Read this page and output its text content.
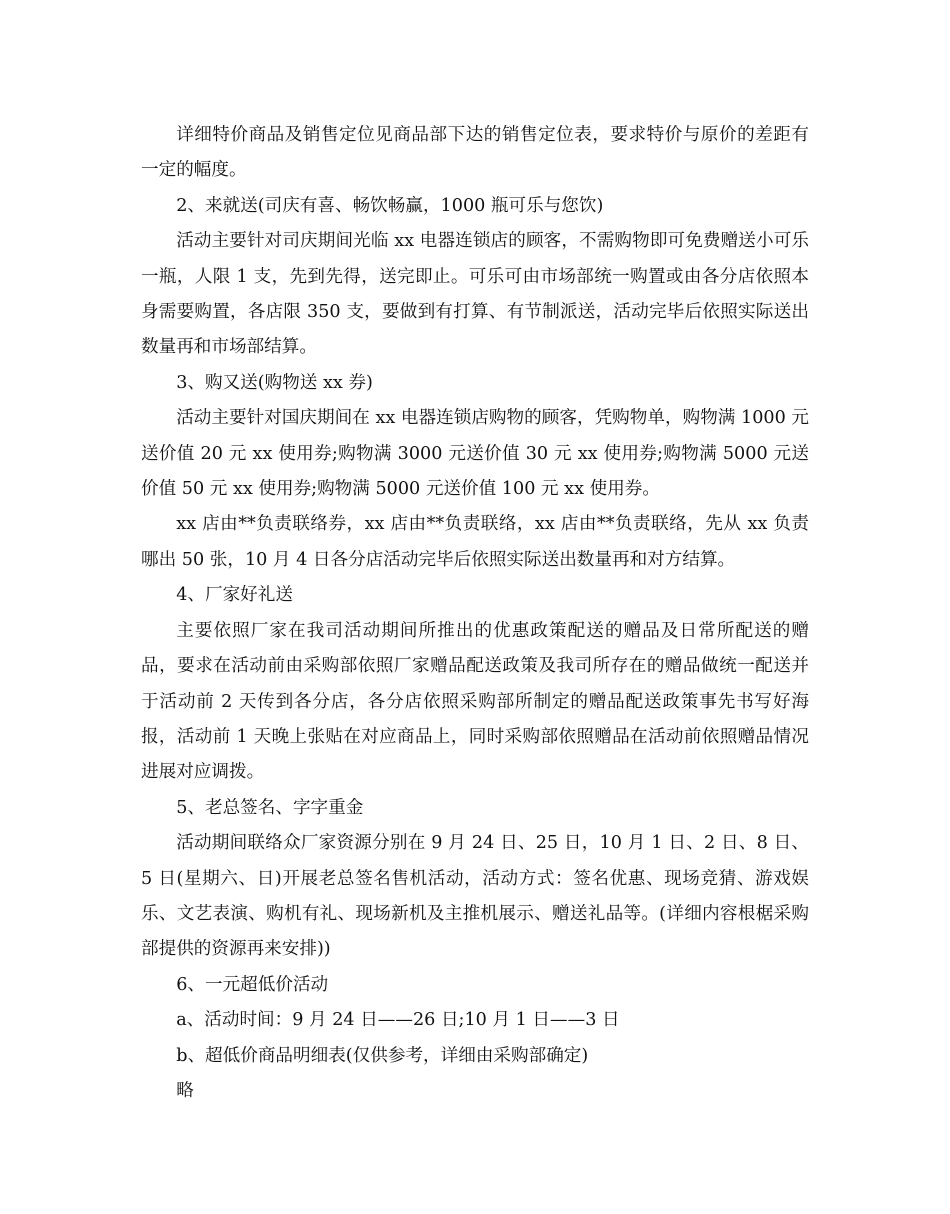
详细特价商品及销售定位见商品部下达的销售定位表，要求特价与原价的差距有一定的幅度。

2、来就送(司庆有喜、畅饮畅赢，1000 瓶可乐与您饮)

活动主要针对司庆期间光临 xx 电器连锁店的顾客，不需购物即可免费赠送小可乐一瓶，人限 1 支，先到先得，送完即止。可乐可由市场部统一购置或由各分店依照本身需要购置，各店限 350 支，要做到有打算、有节制派送，活动完毕后依照实际送出数量再和市场部结算。

3、购又送(购物送 xx 券)

活动主要针对国庆期间在 xx 电器连锁店购物的顾客，凭购物单，购物满 1000 元送价值 20 元 xx 使用券;购物满 3000 元送价值 30 元 xx 使用券;购物满 5000 元送价值 50 元 xx 使用券;购物满 5000 元送价值 100 元 xx 使用券。

xx 店由**负责联络券，xx 店由**负责联络，xx 店由**负责联络，先从 xx 负责哪出 50 张，10 月 4 日各分店活动完毕后依照实际送出数量再和对方结算。

4、厂家好礼送

主要依照厂家在我司活动期间所推出的优惠政策配送的赠品及日常所配送的赠品，要求在活动前由采购部依照厂家赠品配送政策及我司所存在的赠品做统一配送并于活动前 2 天传到各分店，各分店依照采购部所制定的赠品配送政策事先书写好海报，活动前 1 天晚上张贴在对应商品上，同时采购部依照赠品在活动前依照赠品情况进展对应调拨。

5、老总签名、字字重金

活动期间联络众厂家资源分别在 9 月 24 日、25 日，10 月 1 日、2 日、8 日、5 日(星期六、日)开展老总签名售机活动，活动方式：签名优惠、现场竞猜、游戏娱乐、文艺表演、购机有礼、现场新机及主推机展示、赠送礼品等。(详细内容根椐采购部提供的资源再来安排))

6、一元超低价活动

a、活动时间：9 月 24 日——26 日;10 月 1 日——3 日

b、超低价商品明细表(仅供参考，详细由采购部确定)

略
